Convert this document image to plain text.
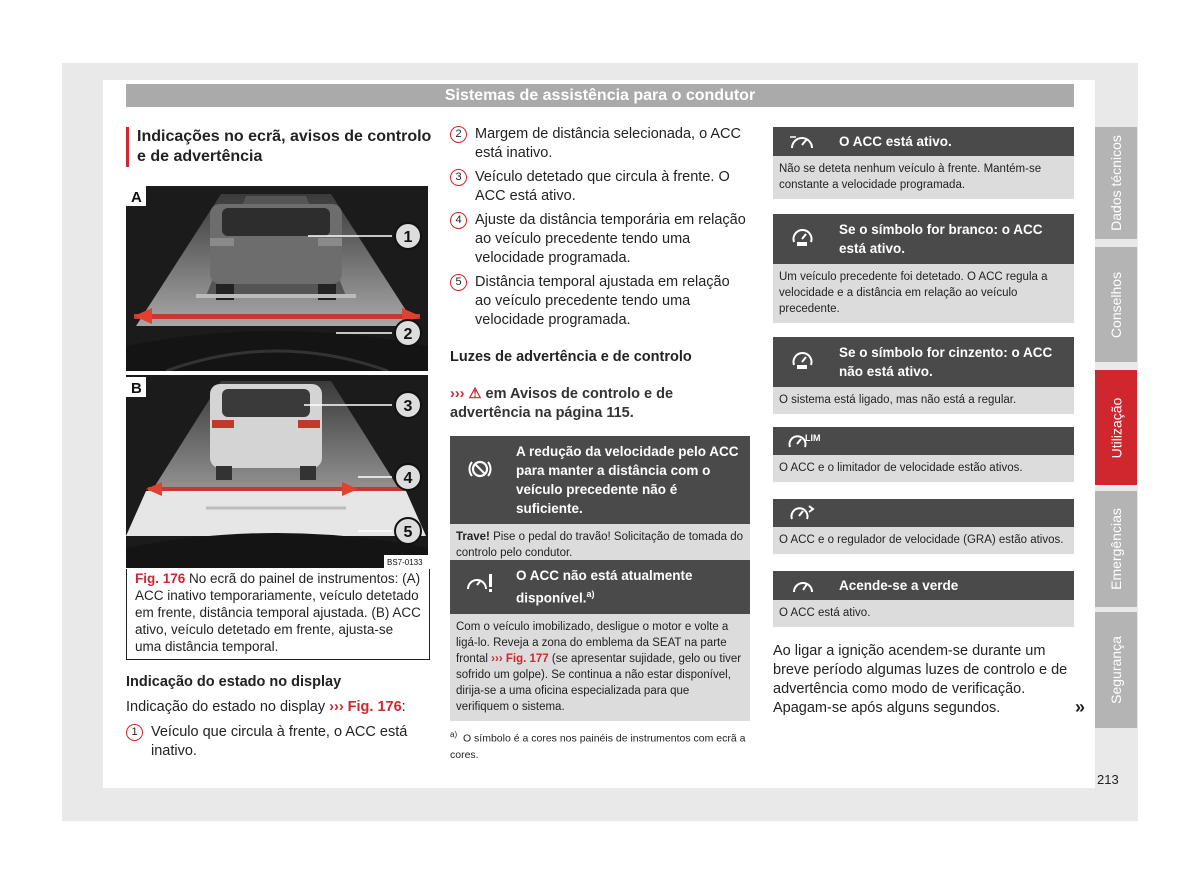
Sistemas de assistência para o condutor
Dados técnicos
Conselhos
Utilização
Emergências
Segurança
213
Indicações no ecrã, avisos de controlo e de advertência
A
1
2
B
3
4
5
BS7-0133
Fig. 176 No ecrã do painel de instrumentos: (A) ACC inativo temporariamente, veículo detetado em frente, distância temporal ajustada. (B) ACC ativo, veículo detetado em frente, ajusta-se uma distância temporal.
Indicação do estado no display
Indicação do estado no display ››› Fig. 176:
1 Veículo que circula à frente, o ACC está inativo.
2 Margem de distância selecionada, o ACC está inativo.
3 Veículo detetado que circula à frente. O ACC está ativo.
4 Ajuste da distância temporária em relação ao veículo precedente tendo uma velocidade programada.
5 Distância temporal ajustada em relação ao veículo precedente tendo uma velocidade programada.
Luzes de advertência e de controlo
››› ⚠ em Avisos de controlo e de advertência na página 115.
A redução da velocidade pelo ACC para manter a distância com o veículo precedente não é suficiente.
Trave! Pise o pedal do travão! Solicitação de tomada do controlo pelo condutor.
O ACC não está atualmente disponível.$^{a)}$
Com o veículo imobilizado, desligue o motor e volte a ligá-lo. Reveja a zona do emblema da SEAT na parte frontal ››› Fig. 177 (se apresentar sujidade, gelo ou tiver sofrido um golpe). Se continua a não estar disponível, dirija-se a uma oficina especializada para que verifiquem o sistema.
$^{a)}$ O símbolo é a cores nos painéis de instrumentos com ecrã a cores.
O ACC está ativo.
Não se deteta nenhum veículo à frente. Mantém-se constante a velocidade programada.
Se o símbolo for branco: o ACC está ativo.
Um veículo precedente foi detetado. O ACC regula a velocidade e a distância em relação ao veículo precedente.
Se o símbolo for cinzento: o ACC não está ativo.
O sistema está ligado, mas não está a regular.
LIM
O ACC e o limitador de velocidade estão ativos.
O ACC e o regulador de velocidade (GRA) estão ativos.
Acende-se a verde
O ACC está ativo.
Ao ligar a ignição acendem-se durante um breve período algumas luzes de controlo e de advertência como modo de verificação. Apagam-se após alguns segundos.	»
